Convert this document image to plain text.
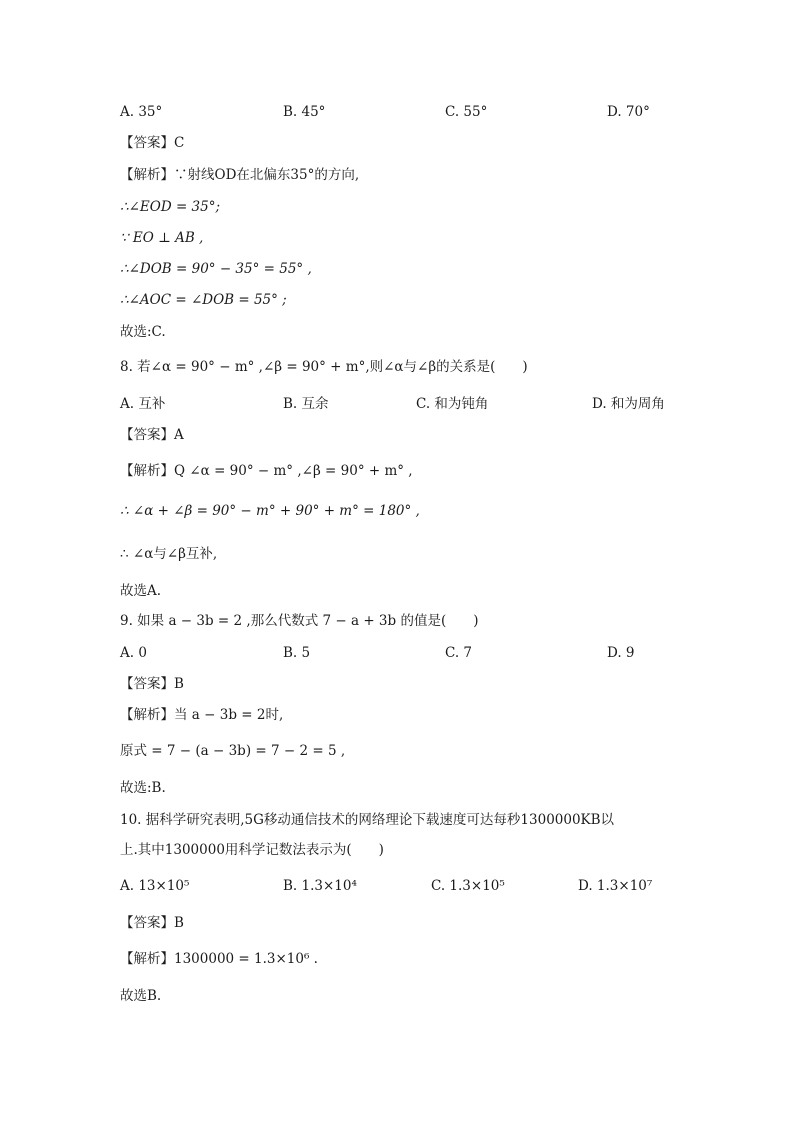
A. 35°	B. 45°	C. 55°	D. 70°
【答案】C
【解析】∵射线OD在北偏东35°的方向,
∴∠EOD = 35°;
∵ EO ⊥ AB ,
∴∠DOB = 90° − 35° = 55° ,
∴∠AOC = ∠DOB = 55° ;
故选:C.
8. 若∠α = 90° − m° ,∠β = 90° + m°,则∠α与∠β的关系是(　　)
A. 互补	B. 互余	C. 和为钝角	D. 和为周角
【答案】A
【解析】Q ∠α = 90° − m° ,∠β = 90° + m° ,
∴ ∠α + ∠β = 90° − m° + 90° + m° = 180° ,
∴ ∠α与∠β互补,
故选A.
9. 如果 a − 3b = 2 ,那么代数式 7 − a + 3b 的值是(　　)
A. 0	B. 5	C. 7	D. 9
【答案】B
【解析】当 a − 3b = 2时,
原式 = 7 − (a − 3b) = 7 − 2 = 5 ,
故选:B.
10. 据科学研究表明,5G移动通信技术的网络理论下载速度可达每秒1300000KB以
上.其中1300000用科学记数法表示为(　　)
A. 13×10⁵	B. 1.3×10⁴	C. 1.3×10⁵	D. 1.3×10⁷
【答案】B
【解析】1300000 = 1.3×10⁶ .
故选B.
